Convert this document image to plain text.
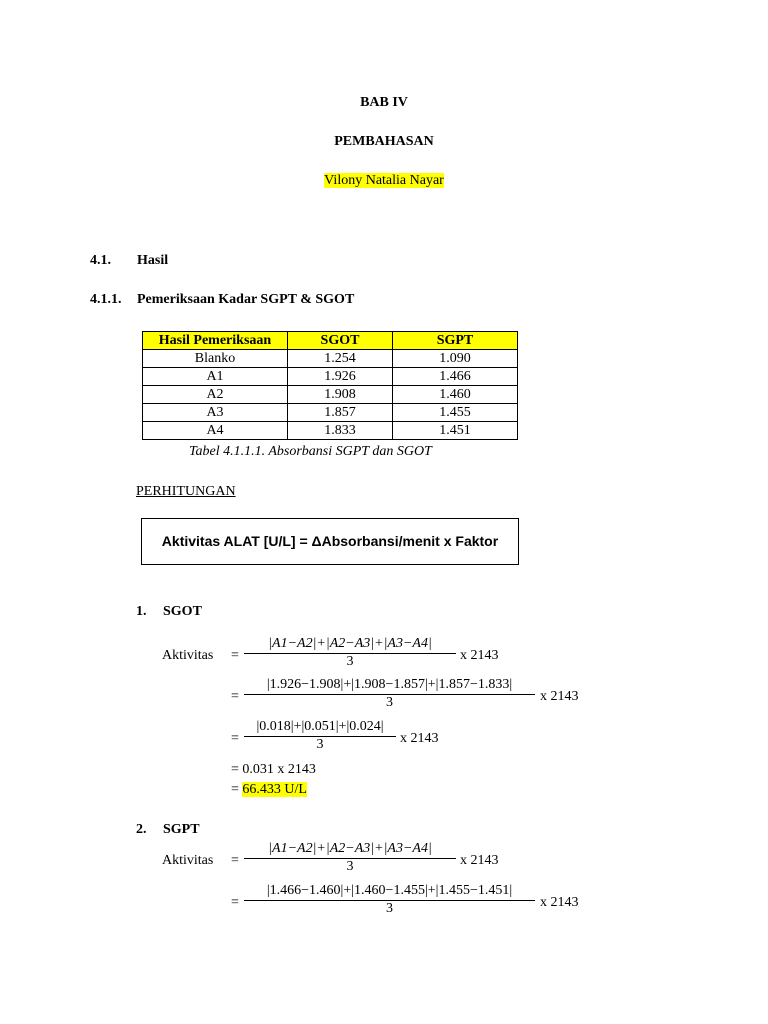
BAB IV
PEMBAHASAN
Vilony Natalia Nayar
4.1. Hasil
4.1.1. Pemeriksaan Kadar SGPT & SGOT
Hasil Pemeriksaan	SGOT	SGPT
Blanko	1.254	1.090
A1	1.926	1.466
A2	1.908	1.460
A3	1.857	1.455
A4	1.833	1.451
Tabel 4.1.1.1. Absorbansi SGPT dan SGOT
PERHITUNGAN
Aktivitas ALAT [U/L] = ΔAbsorbansi/menit x Faktor
1. SGOT
Aktivitas = $\frac{|A1-A2|+|A2-A3|+|A3-A4|}{3}$ x 2143
= $\frac{|1.926-1.908|+|1.908-1.857|+|1.857-1.833|}{3}$ x 2143
= $\frac{|0.018|+|0.051|+|0.024|}{3}$ x 2143
= 0.031 x 2143
= 66.433 U/L
2. SGPT
Aktivitas = $\frac{|A1-A2|+|A2-A3|+|A3-A4|}{3}$ x 2143
= $\frac{|1.466-1.460|+|1.460-1.455|+|1.455-1.451|}{3}$ x 2143
